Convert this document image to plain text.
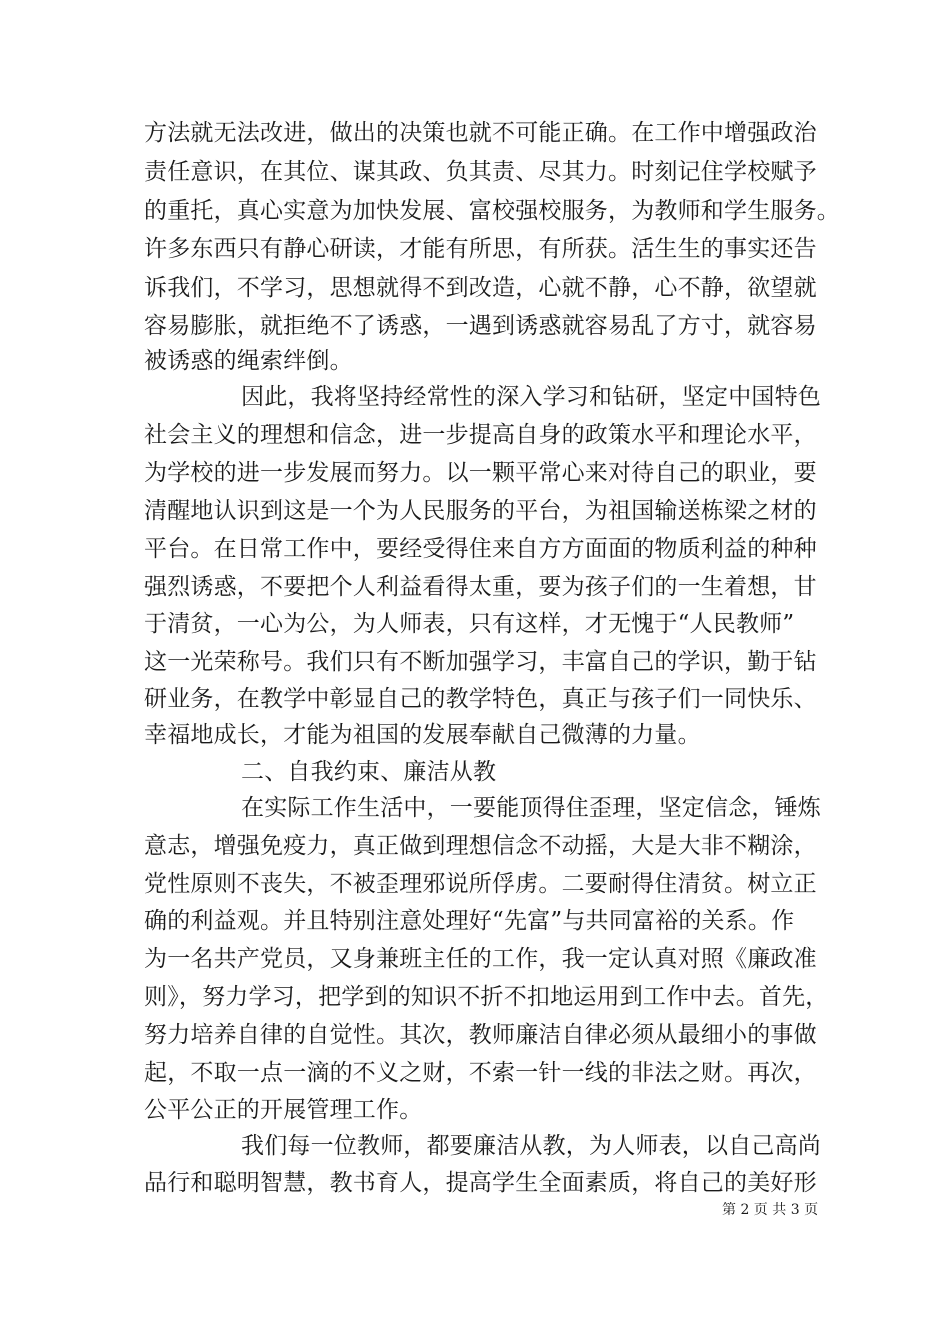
方法就无法改进，做出的决策也就不可能正确。在工作中增强政治
责任意识，在其位、谋其政、负其责、尽其力。时刻记住学校赋予
的重托，真心实意为加快发展、富校强校服务，为教师和学生服务。
许多东西只有静心研读，才能有所思，有所获。活生生的事实还告
诉我们，不学习，思想就得不到改造，心就不静，心不静，欲望就
容易膨胀，就拒绝不了诱惑，一遇到诱惑就容易乱了方寸，就容易
被诱惑的绳索绊倒。
因此，我将坚持经常性的深入学习和钻研，坚定中国特色
社会主义的理想和信念，进一步提高自身的政策水平和理论水平，
为学校的进一步发展而努力。以一颗平常心来对待自己的职业，要
清醒地认识到这是一个为人民服务的平台，为祖国输送栋梁之材的
平台。在日常工作中，要经受得住来自方方面面的物质利益的种种
强烈诱惑，不要把个人利益看得太重，要为孩子们的一生着想，甘
于清贫，一心为公，为人师表，只有这样，才无愧于“人民教师”
这一光荣称号。我们只有不断加强学习，丰富自己的学识，勤于钻
研业务，在教学中彰显自己的教学特色，真正与孩子们一同快乐、
幸福地成长，才能为祖国的发展奉献自己微薄的力量。
二、自我约束、廉洁从教
在实际工作生活中，一要能顶得住歪理，坚定信念，锤炼
意志，增强免疫力，真正做到理想信念不动摇，大是大非不糊涂，
党性原则不丧失，不被歪理邪说所俘虏。二要耐得住清贫。树立正
确的利益观。并且特别注意处理好“先富”与共同富裕的关系。作
为一名共产党员，又身兼班主任的工作，我一定认真对照《廉政准
则》，努力学习，把学到的知识不折不扣地运用到工作中去。首先，
努力培养自律的自觉性。其次，教师廉洁自律必须从最细小的事做
起，不取一点一滴的不义之财，不索一针一线的非法之财。再次，
公平公正的开展管理工作。
我们每一位教师，都要廉洁从教，为人师表，以自己高尚
品行和聪明智慧，教书育人，提高学生全面素质，将自己的美好形
第 2 页 共 3 页
